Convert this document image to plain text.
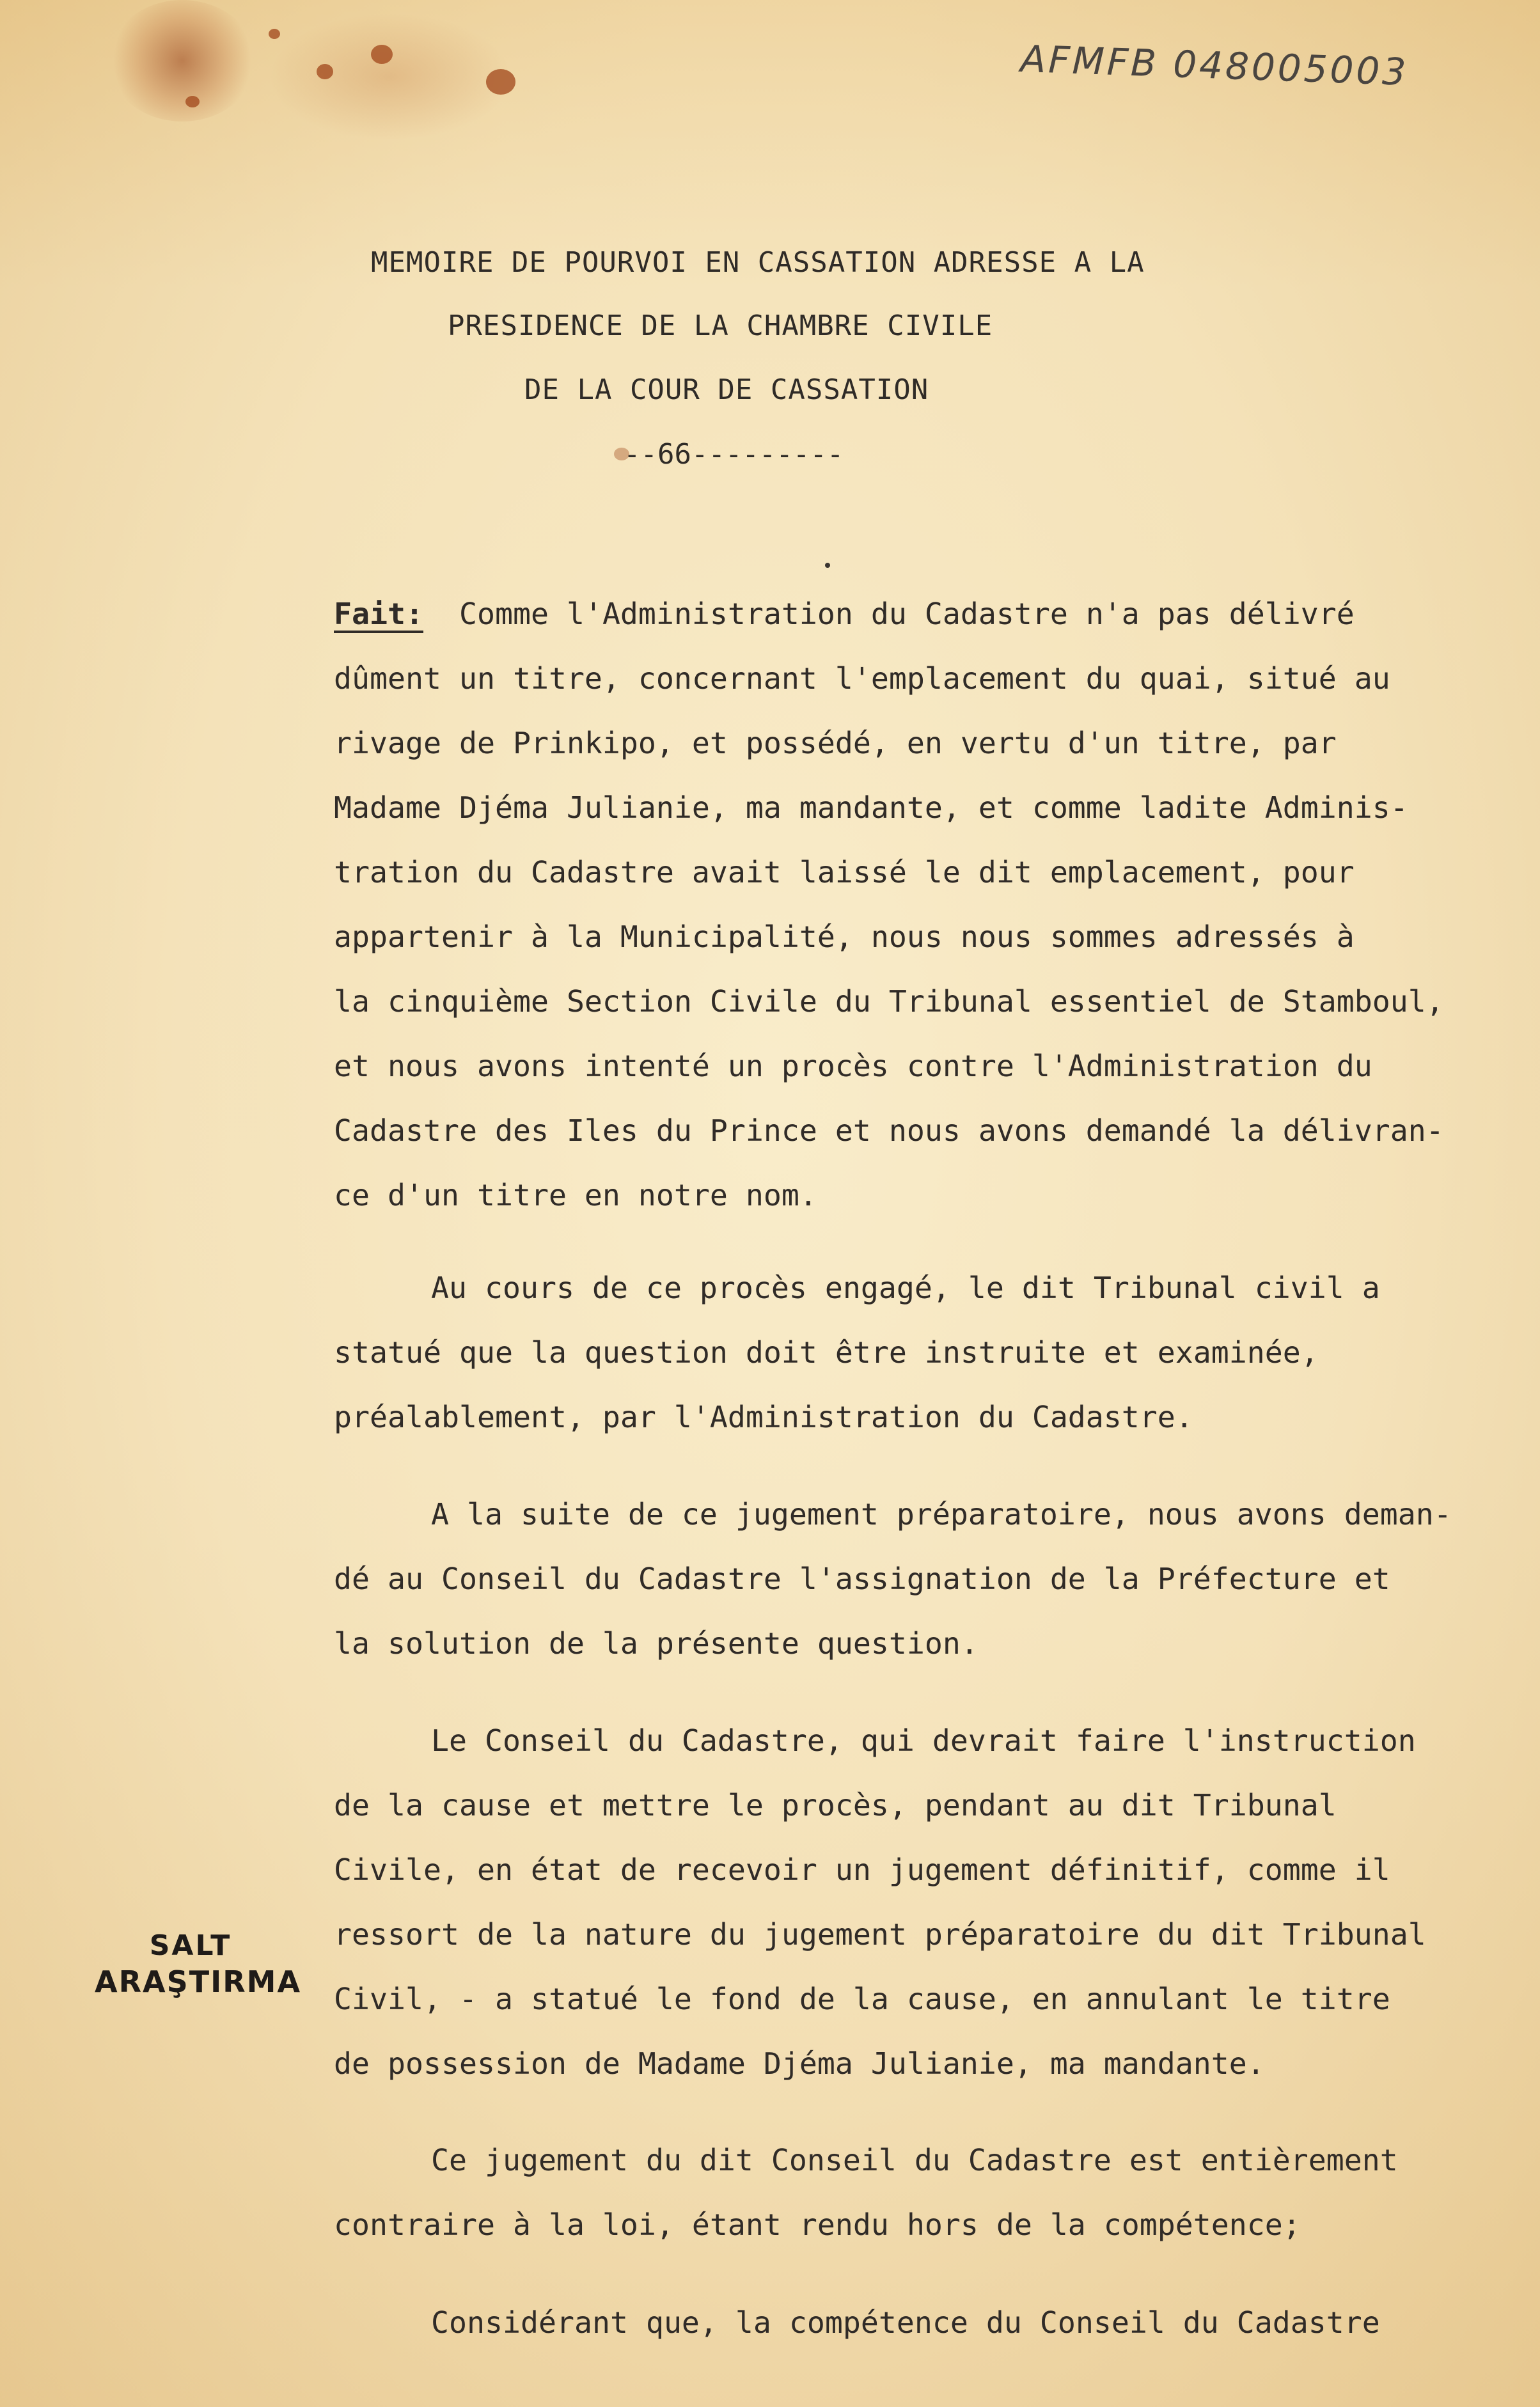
AFMFB 048005003
MEMOIRE DE POURVOI EN CASSATION ADRESSE A LA
PRESIDENCE DE LA CHAMBRE CIVILE
DE LA COUR DE CASSATION
--66---------
Fait:  Comme l'Administration du Cadastre n'a pas délivré
dûment un titre, concernant l'emplacement du quai, situé au
rivage de Prinkipo, et possédé, en vertu d'un titre, par
Madame Djéma Julianie, ma mandante, et comme ladite Adminis-
tration du Cadastre avait laissé le dit emplacement, pour
appartenir à la Municipalité, nous nous sommes adressés à
la cinquième Section Civile du Tribunal essentiel de Stamboul,
et nous avons intenté un procès contre l'Administration du
Cadastre des Iles du Prince et nous avons demandé la délivran-
ce d'un titre en notre nom.
Au cours de ce procès engagé, le dit Tribunal civil a
statué que la question doit être instruite et examinée,
préalablement, par l'Administration du Cadastre.
A la suite de ce jugement préparatoire, nous avons deman-
dé au Conseil du Cadastre l'assignation de la Préfecture et
la solution de la présente question.
Le Conseil du Cadastre, qui devrait faire l'instruction
de la cause et mettre le procès, pendant au dit Tribunal
Civile, en état de recevoir un jugement définitif, comme il
ressort de la nature du jugement préparatoire du dit Tribunal
Civil, - a statué le fond de la cause, en annulant le titre
de possession de Madame Djéma Julianie, ma mandante.
Ce jugement du dit Conseil du Cadastre est entièrement
contraire à la loi, étant rendu hors de la compétence;
Considérant que, la compétence du Conseil du Cadastre
SALT
ARAŞTIRMA
